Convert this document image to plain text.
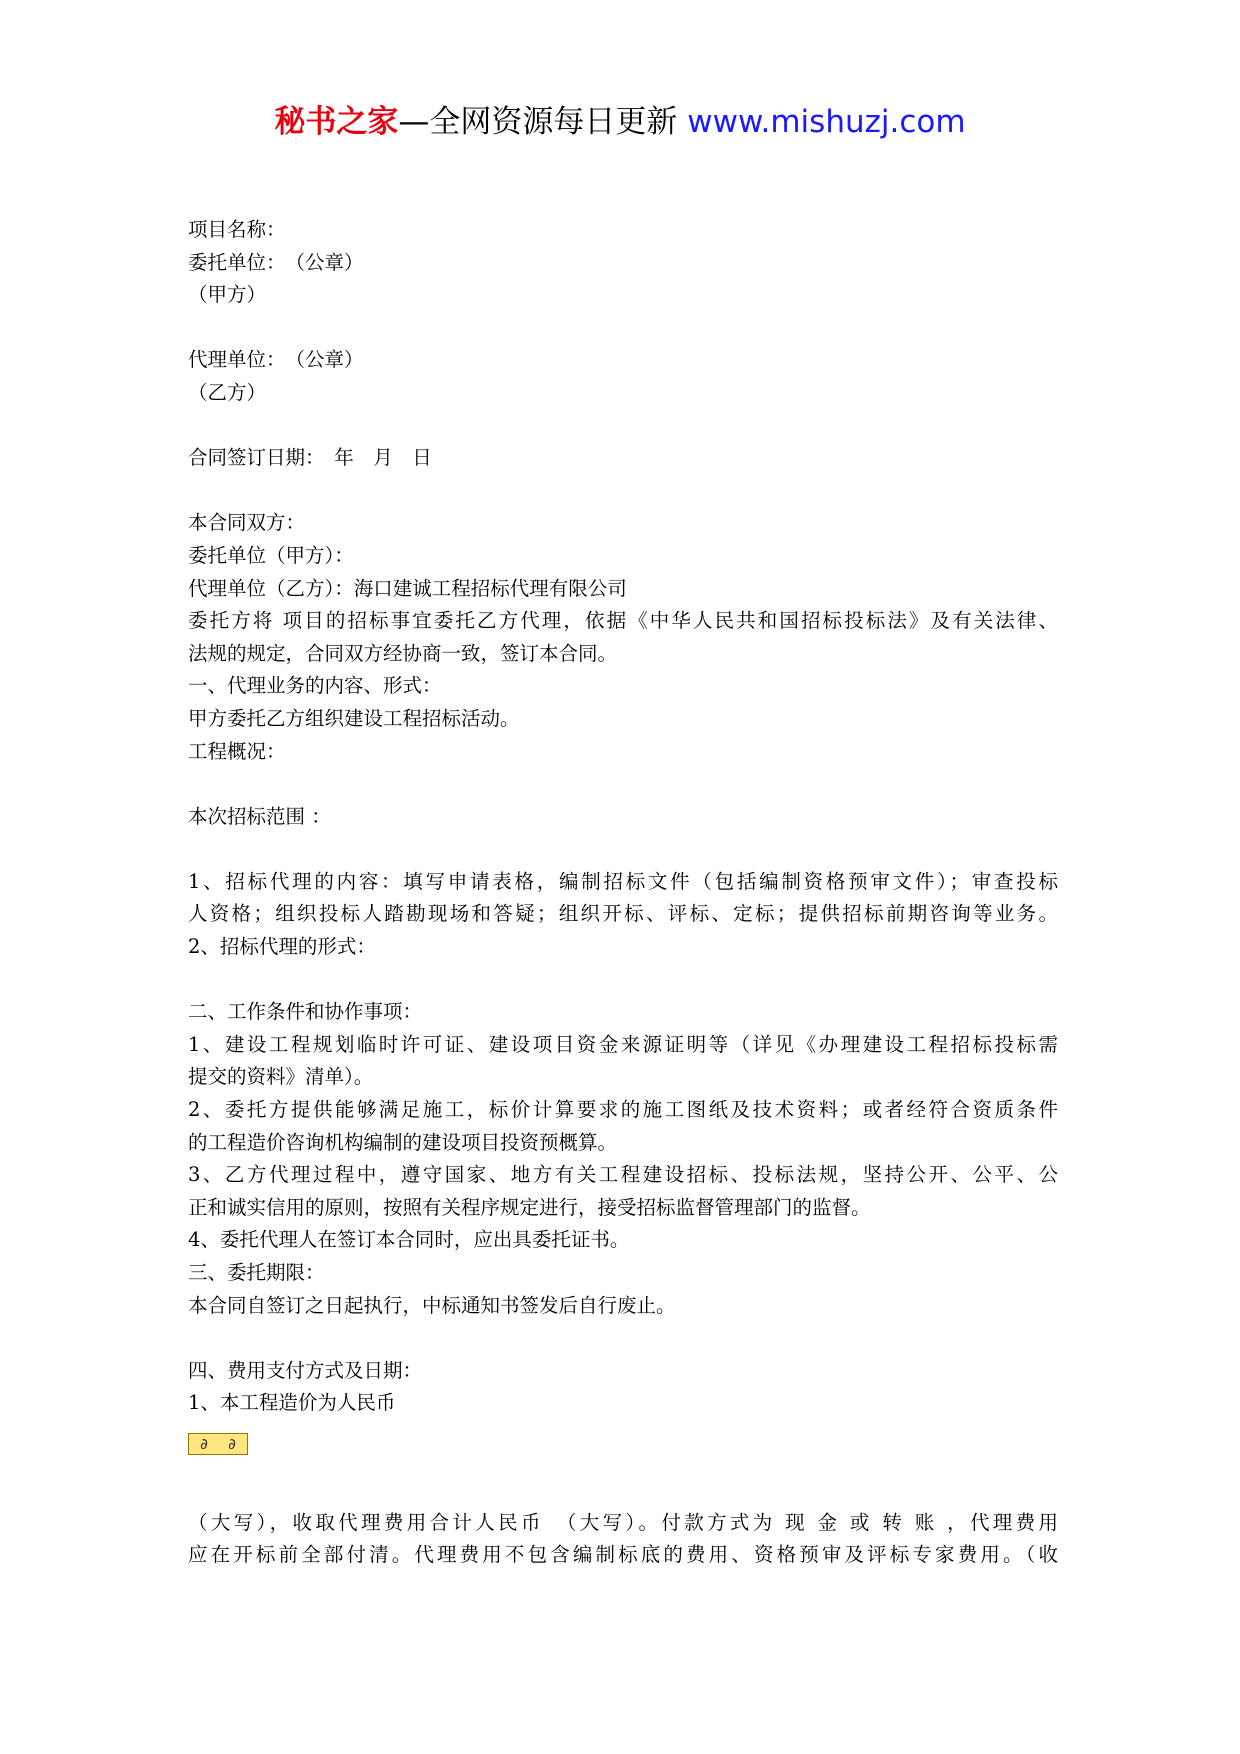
秘书之家—全网资源每日更新 www.mishuzj.com
项目名称：
委托单位：　（公章）
（甲方）
代理单位：　（公章）
（乙方）
合同签订日期：　年　月　日
本合同双方：
委托单位（甲方）：
代理单位（乙方）：海口建诚工程招标代理有限公司
委托方将 项目的招标事宜委托乙方代理，依据《中华人民共和国招标投标法》及有关法律、
法规的规定，合同双方经协商一致，签订本合同。
一、代理业务的内容、形式：
甲方委托乙方组织建设工程招标活动。
工程概况：
本次招标范围 ：
1、招标代理的内容：填写申请表格，编制招标文件（包括编制资格预审文件）；审查投标
人资格；组织投标人踏勘现场和答疑；组织开标、评标、定标；提供招标前期咨询等业务。
2、招标代理的形式：
二、工作条件和协作事项：
1、建设工程规划临时许可证、建设项目资金来源证明等（详见《办理建设工程招标投标需
提交的资料》清单）。
2、委托方提供能够满足施工，标价计算要求的施工图纸及技术资料；或者经符合资质条件
的工程造价咨询机构编制的建设项目投资预概算。
3、乙方代理过程中，遵守国家、地方有关工程建设招标、投标法规，坚持公开、公平、公
正和诚实信用的原则，按照有关程序规定进行，接受招标监督管理部门的监督。
4、委托代理人在签订本合同时，应出具委托证书。
三、委托期限：
本合同自签订之日起执行，中标通知书签发后自行废止。
四、费用支付方式及日期：
1、本工程造价为人民币
∂	∂
（大写），收取代理费用合计人民币　（大写）。付款方式为 现 金 或 转 账 ，代理费用
应在开标前全部付清。代理费用不包含编制标底的费用、资格预审及评标专家费用。（收
